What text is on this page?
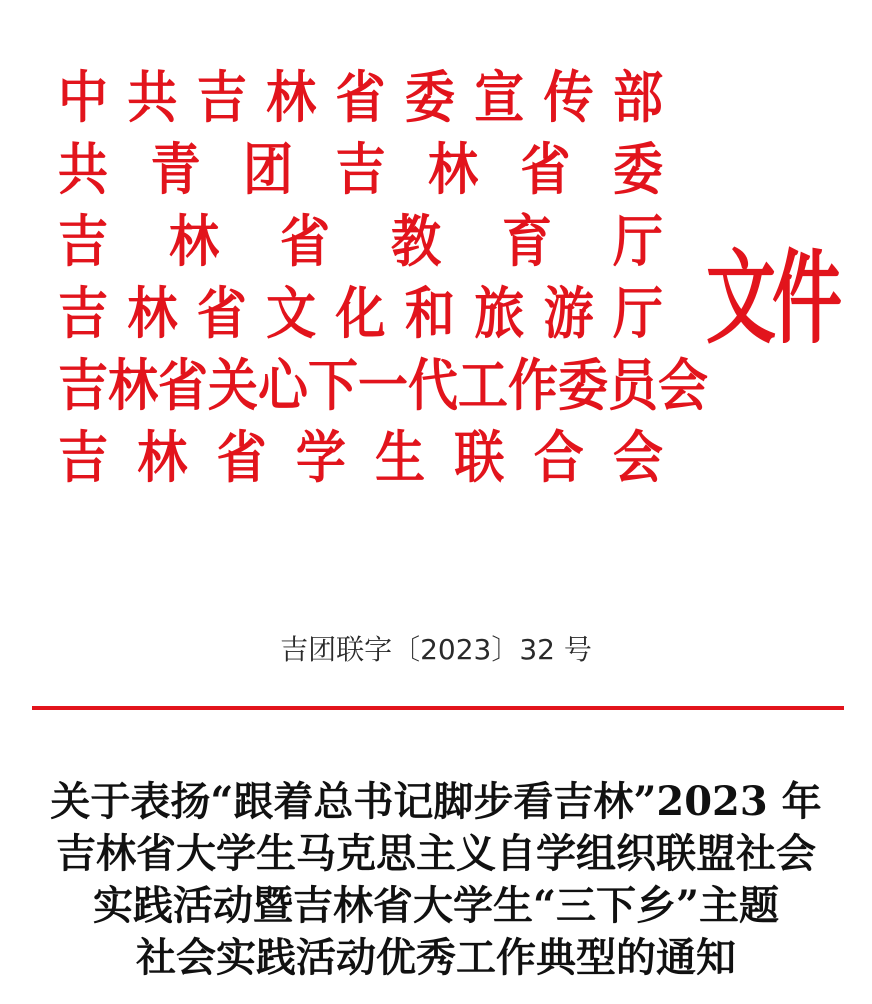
中 共 吉 林 省 委 宣 传 部
共 青 团 吉 林 省 委
吉 林 省 教 育 厅
吉 林 省 文 化 和 旅 游 厅
吉 林 省 关 心 下 一 代 工 作 委 员 会
吉 林 省 学 生 联 合 会
文件
吉团联字〔2023〕32 号
关于表扬“跟着总书记脚步看吉林”2023 年
吉林省大学生马克思主义自学组织联盟社会
实践活动暨吉林省大学生“三下乡”主题
社会实践活动优秀工作典型的通知
